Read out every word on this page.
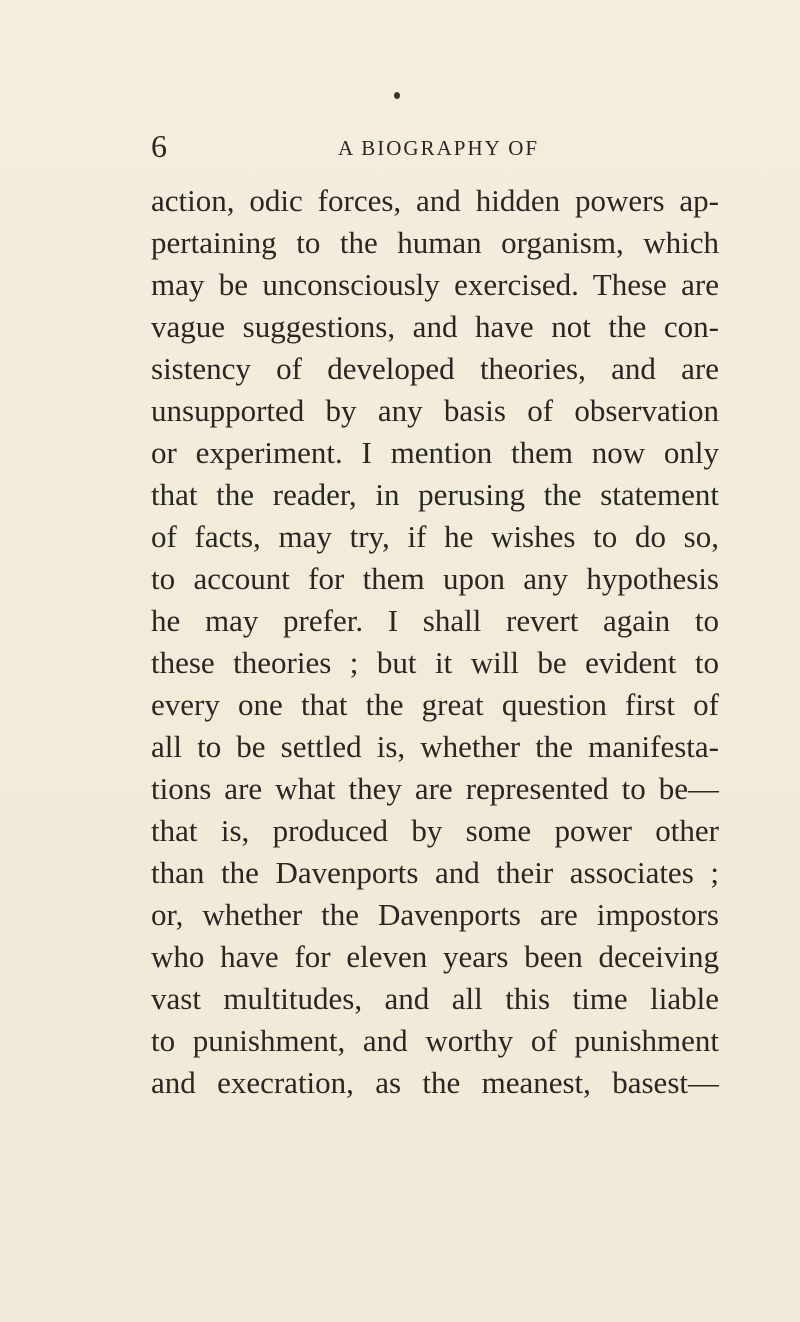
6	A BIOGRAPHY OF

action, odic forces, and hidden powers ap-
pertaining to the human organism, which
may be unconsciously exercised. These are
vague suggestions, and have not the con-
sistency of developed theories, and are
unsupported by any basis of observation
or experiment. I mention them now only
that the reader, in perusing the statement
of facts, may try, if he wishes to do so,
to account for them upon any hypothesis
he may prefer. I shall revert again to
these theories ; but it will be evident to
every one that the great question first of
all to be settled is, whether the manifesta-
tions are what they are represented to be—
that is, produced by some power other
than the Davenports and their associates ;
or, whether the Davenports are impostors
who have for eleven years been deceiving
vast multitudes, and all this time liable
to punishment, and worthy of punishment
and execration, as the meanest, basest—
